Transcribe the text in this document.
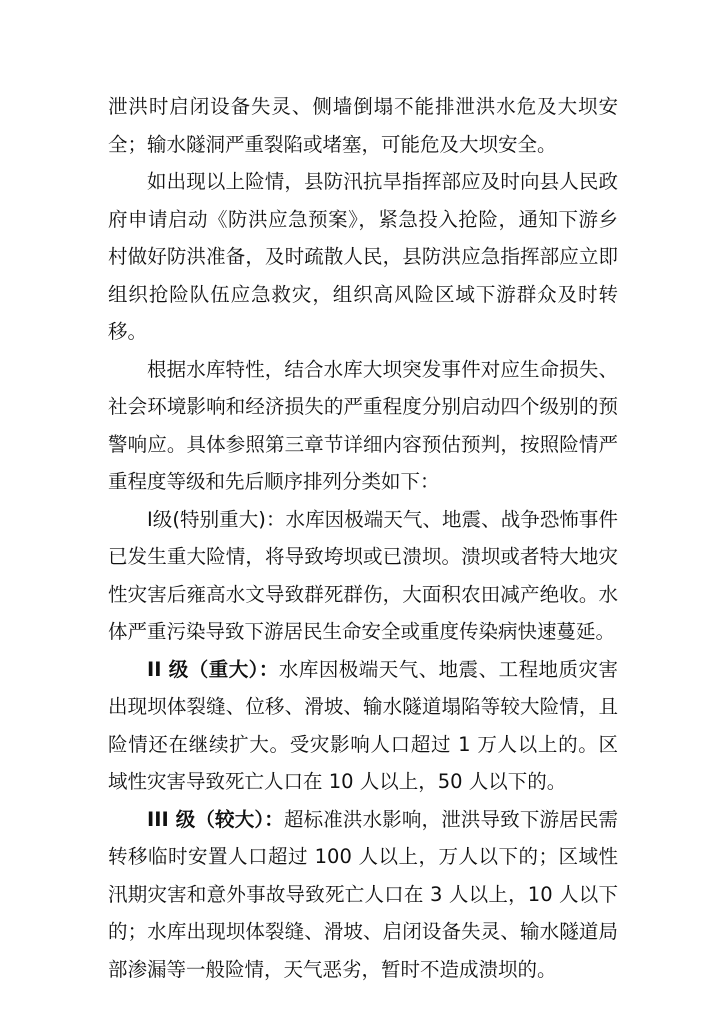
泄洪时启闭设备失灵、侧墙倒塌不能排泄洪水危及大坝安全；输水隧洞严重裂陷或堵塞，可能危及大坝安全。

如出现以上险情，县防汛抗旱指挥部应及时向县人民政府申请启动《防洪应急预案》，紧急投入抢险，通知下游乡村做好防洪准备，及时疏散人民，县防洪应急指挥部应立即组织抢险队伍应急救灾，组织高风险区域下游群众及时转移。

根据水库特性，结合水库大坝突发事件对应生命损失、社会环境影响和经济损失的严重程度分别启动四个级别的预警响应。具体参照第三章节详细内容预估预判，按照险情严重程度等级和先后顺序排列分类如下：

I级(特别重大)：水库因极端天气、地震、战争恐怖事件已发生重大险情，将导致垮坝或已溃坝。溃坝或者特大地灾性灾害后雍高水文导致群死群伤，大面积农田减产绝收。水体严重污染导致下游居民生命安全或重度传染病快速蔓延。

II 级（重大）：水库因极端天气、地震、工程地质灾害出现坝体裂缝、位移、滑坡、输水隧道塌陷等较大险情，且险情还在继续扩大。受灾影响人口超过 1 万人以上的。区域性灾害导致死亡人口在 10 人以上，50 人以下的。

III 级（较大）：超标准洪水影响，泄洪导致下游居民需转移临时安置人口超过 100 人以上，万人以下的；区域性汛期灾害和意外事故导致死亡人口在 3 人以上，10 人以下的；水库出现坝体裂缝、滑坡、启闭设备失灵、输水隧道局部渗漏等一般险情，天气恶劣，暂时不造成溃坝的。
